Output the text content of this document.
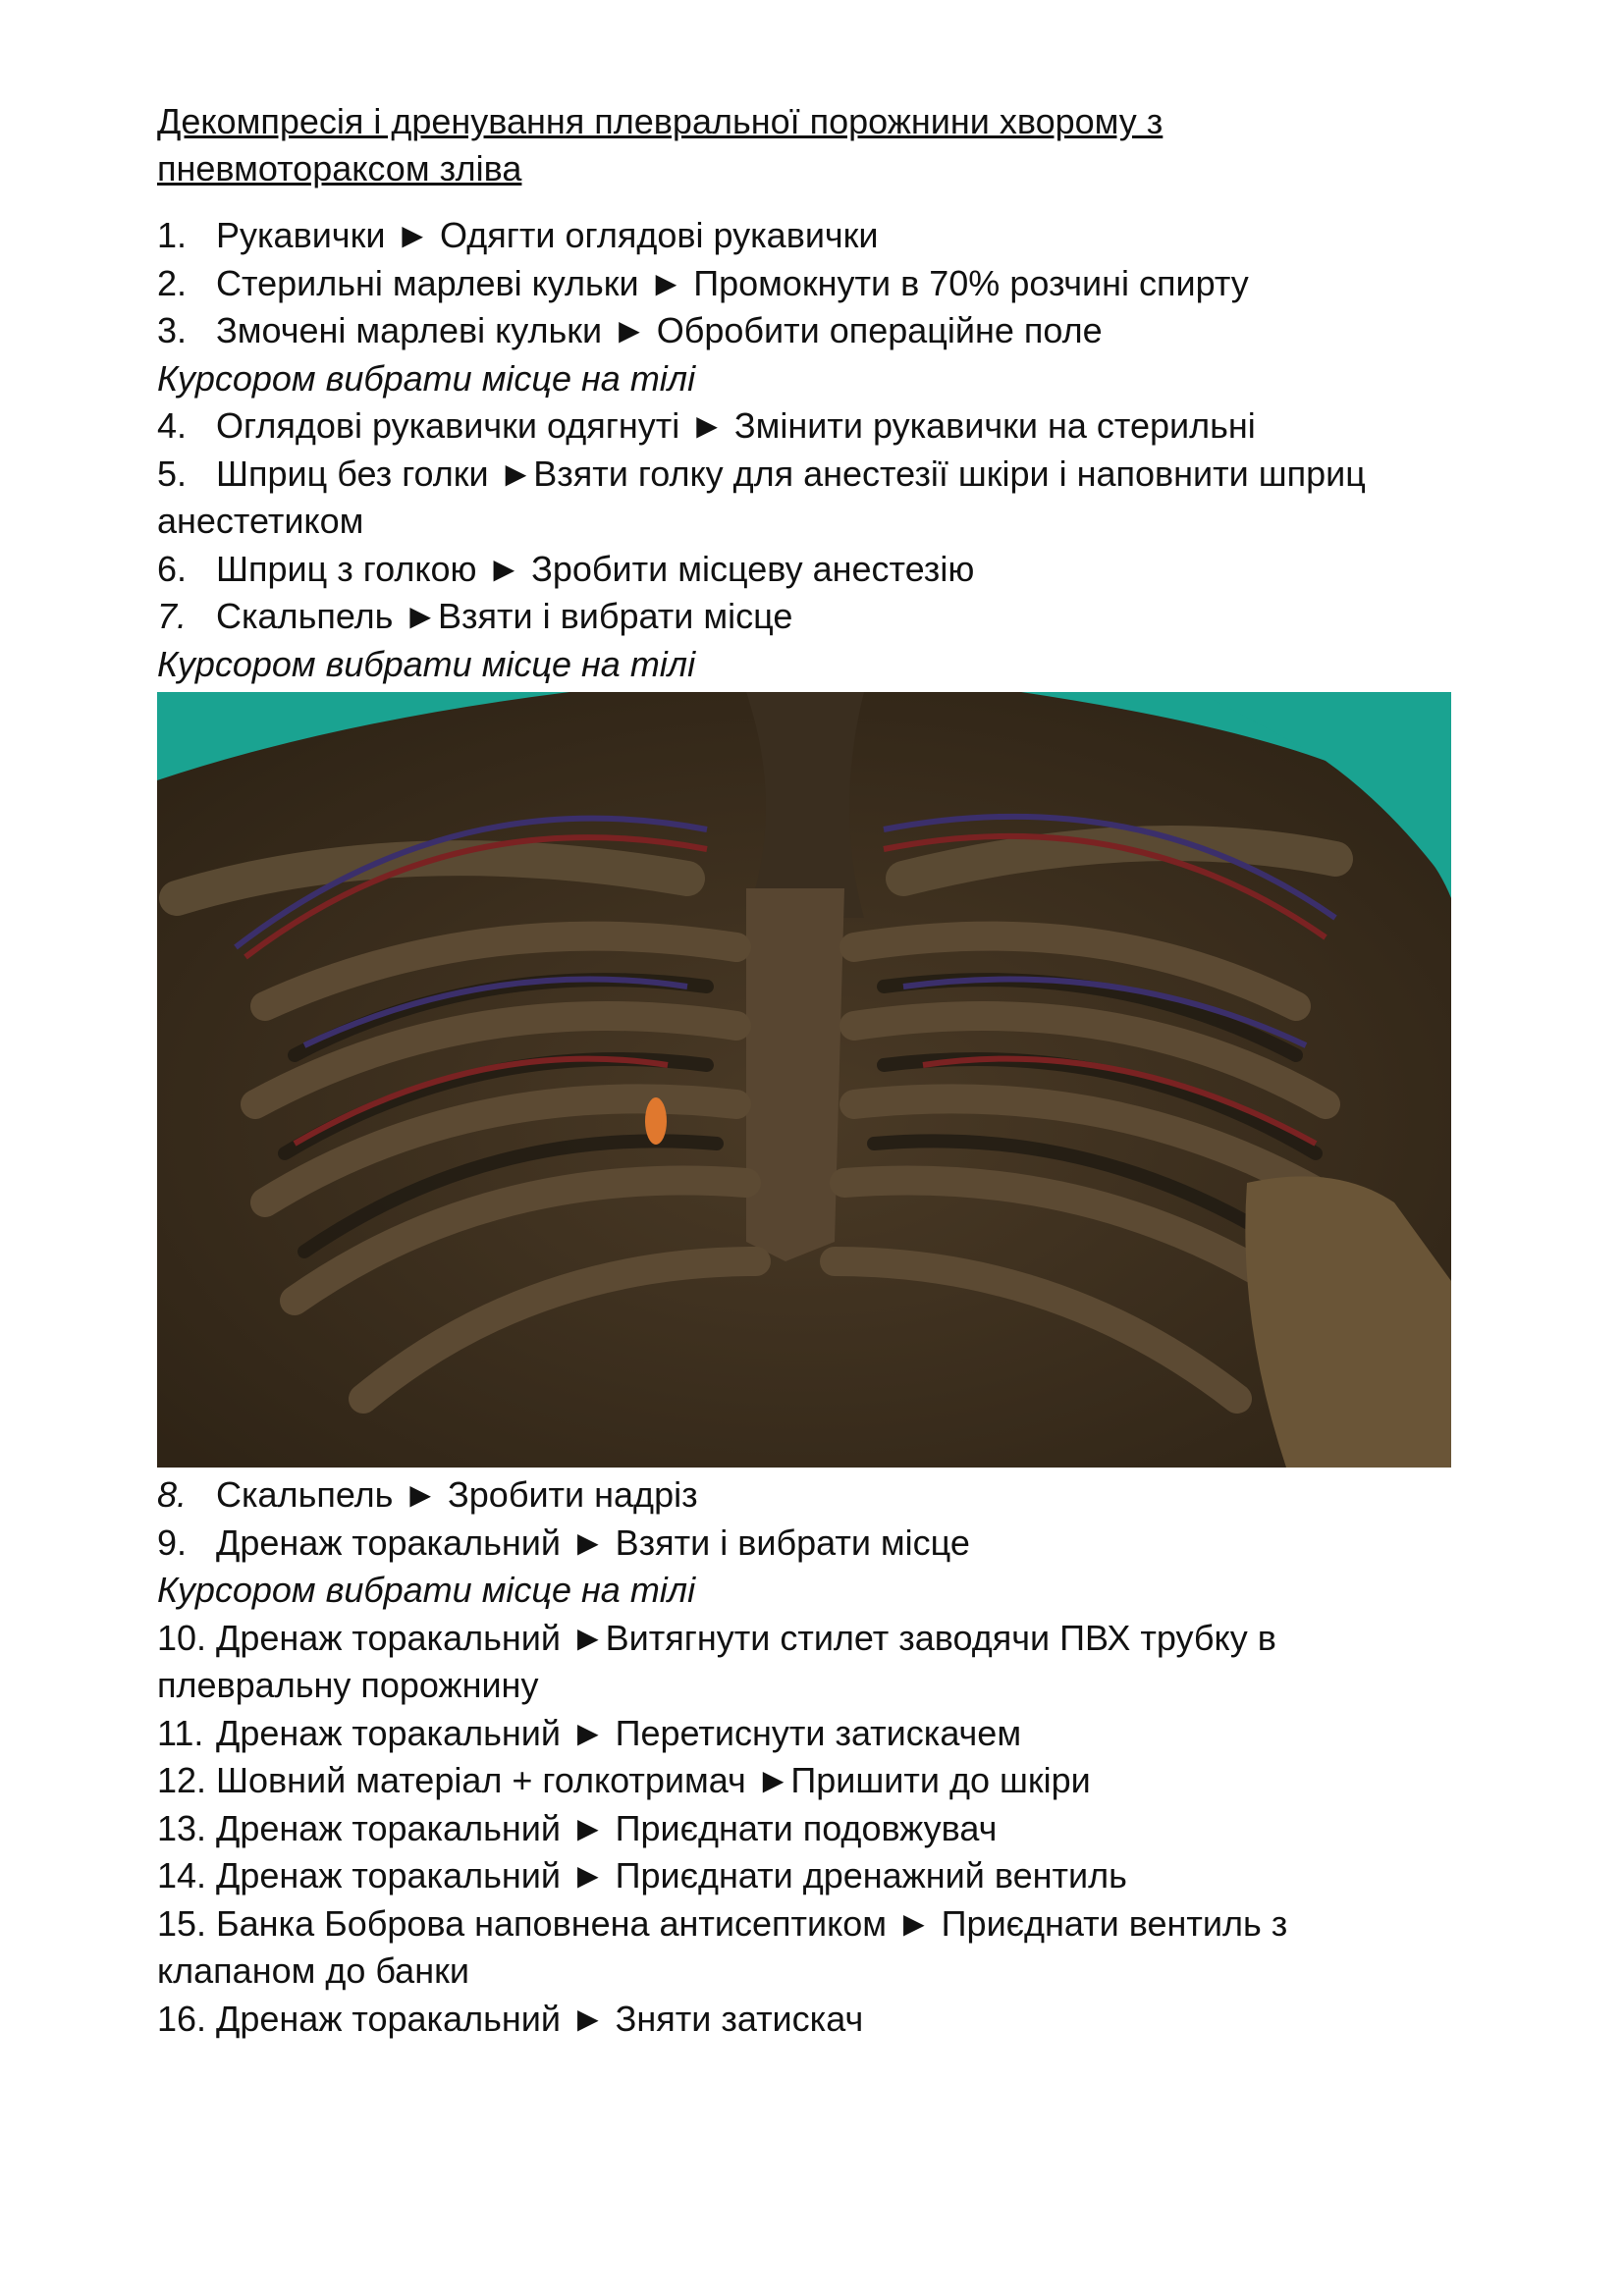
Декомпресія і дренування плевральної порожнини хворому з пневмотораксом зліва
1. Рукавички ► Одягти оглядові рукавички
2. Стерильні марлеві кульки ► Промокнути в 70% розчині спирту
3. Змочені марлеві кульки ► Обробити операційне поле
Курсором вибрати місце на тілі
4. Оглядові рукавички одягнуті ► Змінити рукавички на стерильні
5. Шприц без голки ►Взяти голку для анестезії шкіри і наповнити шприц
анестетиком
6. Шприц з голкою ► Зробити місцеву анестезію
7. Скальпель ►Взяти і вибрати місце
Курсором вибрати місце на тілі
8. Скальпель ► Зробити надріз
9. Дренаж торакальний ► Взяти і вибрати місце
Курсором вибрати місце на тілі
10. Дренаж торакальний ►Витягнути стилет заводячи ПВХ трубку в
плевральну порожнину
11. Дренаж торакальний ► Перетиснути затискачем
12. Шовний матеріал + голкотримач ►Пришити до шкіри
13. Дренаж торакальний ► Приєднати подовжувач
14. Дренаж торакальний ► Приєднати дренажний вентиль
15. Банка Боброва наповнена антисептиком ► Приєднати вентиль з
клапаном до банки
16. Дренаж торакальний ► Зняти затискач
